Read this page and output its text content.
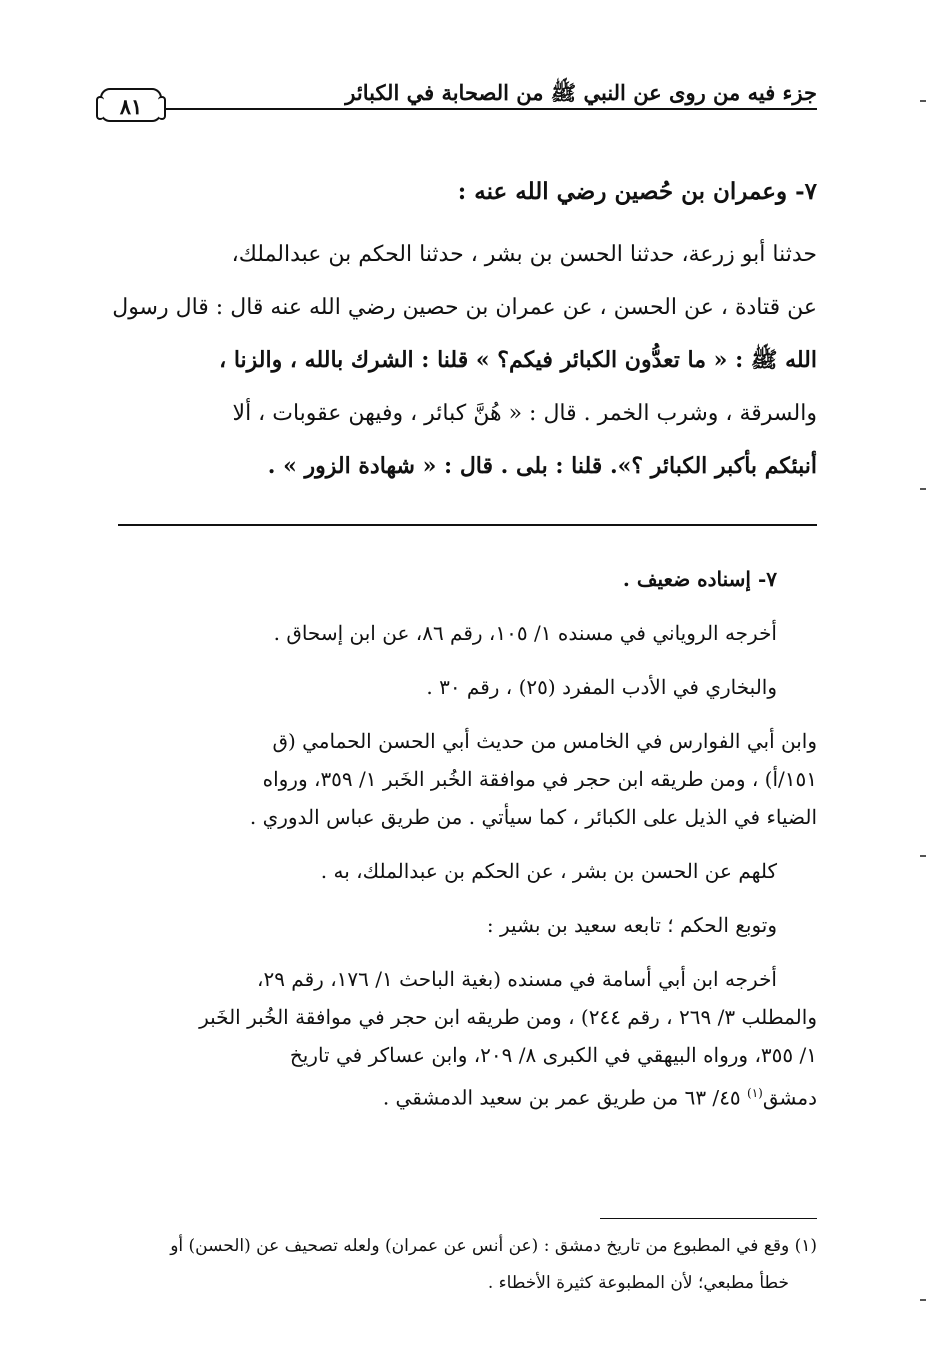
جزء فيه من روى عن النبي ﷺ من الصحابة في الكبائر
٨١
٧- وعمران بن حُصين رضي الله عنه :
حدثنا أبو زرعة، حدثنا الحسن بن بشر ، حدثنا الحكم بن عبدالملك،
عن قتادة ، عن الحسن ، عن عمران بن حصين رضي الله عنه قال : قال رسول
الله ﷺ : « ما تعدُّون الكبائر فيكم؟ » قلنا : الشرك بالله ، والزنا ،
والسرقة ، وشرب الخمر . قال : « هُنَّ كبائر ، وفيهن عقوبات ، ألا
أنبئكم بأكبر الكبائر ؟». قلنا : بلى . قال : « شهادة الزور » .
٧- إسناده ضعيف .
أخرجه الروياني في مسنده ١/ ١٠٥، رقم ٨٦، عن ابن إسحاق .
والبخاري في الأدب المفرد (٢٥) ، رقم ٣٠ .
وابن أبي الفوارس في الخامس من حديث أبي الحسن الحمامي (ق
١٥١/أ) ، ومن طريقه ابن حجر في موافقة الخُبر الخَبر ١/ ٣٥٩، ورواه
الضياء في الذيل على الكبائر ، كما سيأتي . من طريق عباس الدوري .
كلهم عن الحسن بن بشر ، عن الحكم بن عبدالملك، به .
وتوبع الحكم ؛ تابعه سعيد بن بشير :
أخرجه ابن أبي أسامة في مسنده (بغية الباحث ١/ ١٧٦، رقم ٢٩،
والمطلب ٣/ ٢٦٩ ، رقم ٢٤٤) ، ومن طريقه ابن حجر في موافقة الخُبر الخَبر
١/ ٣٥٥، ورواه البيهقي في الكبرى ٨/ ٢٠٩، وابن عساكر في تاريخ
دمشق$^{(١)}$ ٤٥/ ٦٣ من طريق عمر بن سعيد الدمشقي .
(١) وقع في المطبوع من تاريخ دمشق : (عن أنس عن عمران) ولعله تصحيف عن (الحسن) أو
خطأ مطبعي؛ لأن المطبوعة كثيرة الأخطاء .
